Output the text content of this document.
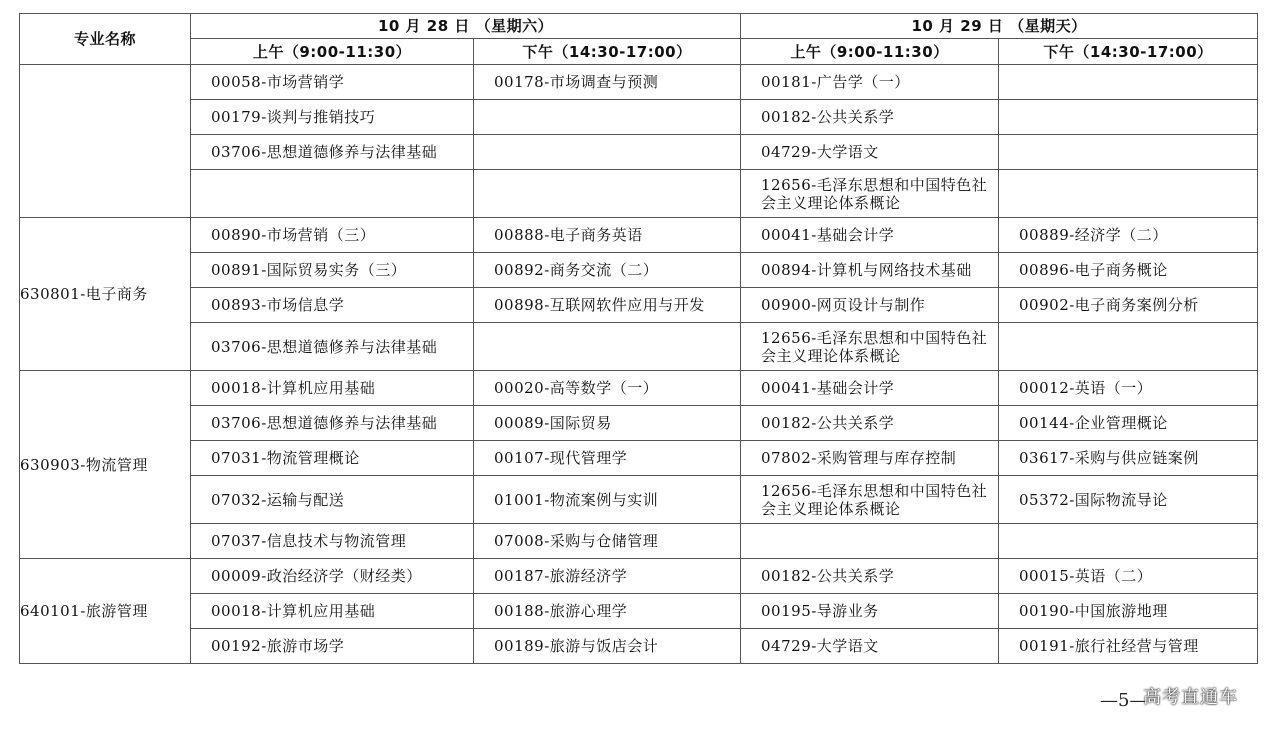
专业名称	10 月 28 日 （星期六）		10 月 29 日 （星期天）	
	上午（9:00-11:30）	下午（14:30-17:00）	上午（9:00-11:30）	下午（14:30-17:00）
	00058-市场营销学	00178-市场调查与预测	00181-广告学（一）	
	00179-谈判与推销技巧		00182-公共关系学	
	03706-思想道德修养与法律基础		04729-大学语文	
			12656-毛泽东思想和中国特色社会主义理论体系概论	
630801-电子商务	00890-市场营销（三）	00888-电子商务英语	00041-基础会计学	00889-经济学（二）
	00891-国际贸易实务（三）	00892-商务交流（二）	00894-计算机与网络技术基础	00896-电子商务概论
	00893-市场信息学	00898-互联网软件应用与开发	00900-网页设计与制作	00902-电子商务案例分析
	03706-思想道德修养与法律基础		12656-毛泽东思想和中国特色社会主义理论体系概论	
630903-物流管理	00018-计算机应用基础	00020-高等数学（一）	00041-基础会计学	00012-英语（一）
	03706-思想道德修养与法律基础	00089-国际贸易	00182-公共关系学	00144-企业管理概论
	07031-物流管理概论	00107-现代管理学	07802-采购管理与库存控制	03617-采购与供应链案例
	07032-运输与配送	01001-物流案例与实训	12656-毛泽东思想和中国特色社会主义理论体系概论	05372-国际物流导论
	07037-信息技术与物流管理	07008-采购与仓储管理		
640101-旅游管理	00009-政治经济学（财经类）	00187-旅游经济学	00182-公共关系学	00015-英语（二）
	00018-计算机应用基础	00188-旅游心理学	00195-导游业务	00190-中国旅游地理
	00192-旅游市场学	00189-旅游与饭店会计	04729-大学语文	00191-旅行社经营与管理
—5—
高考直通车
